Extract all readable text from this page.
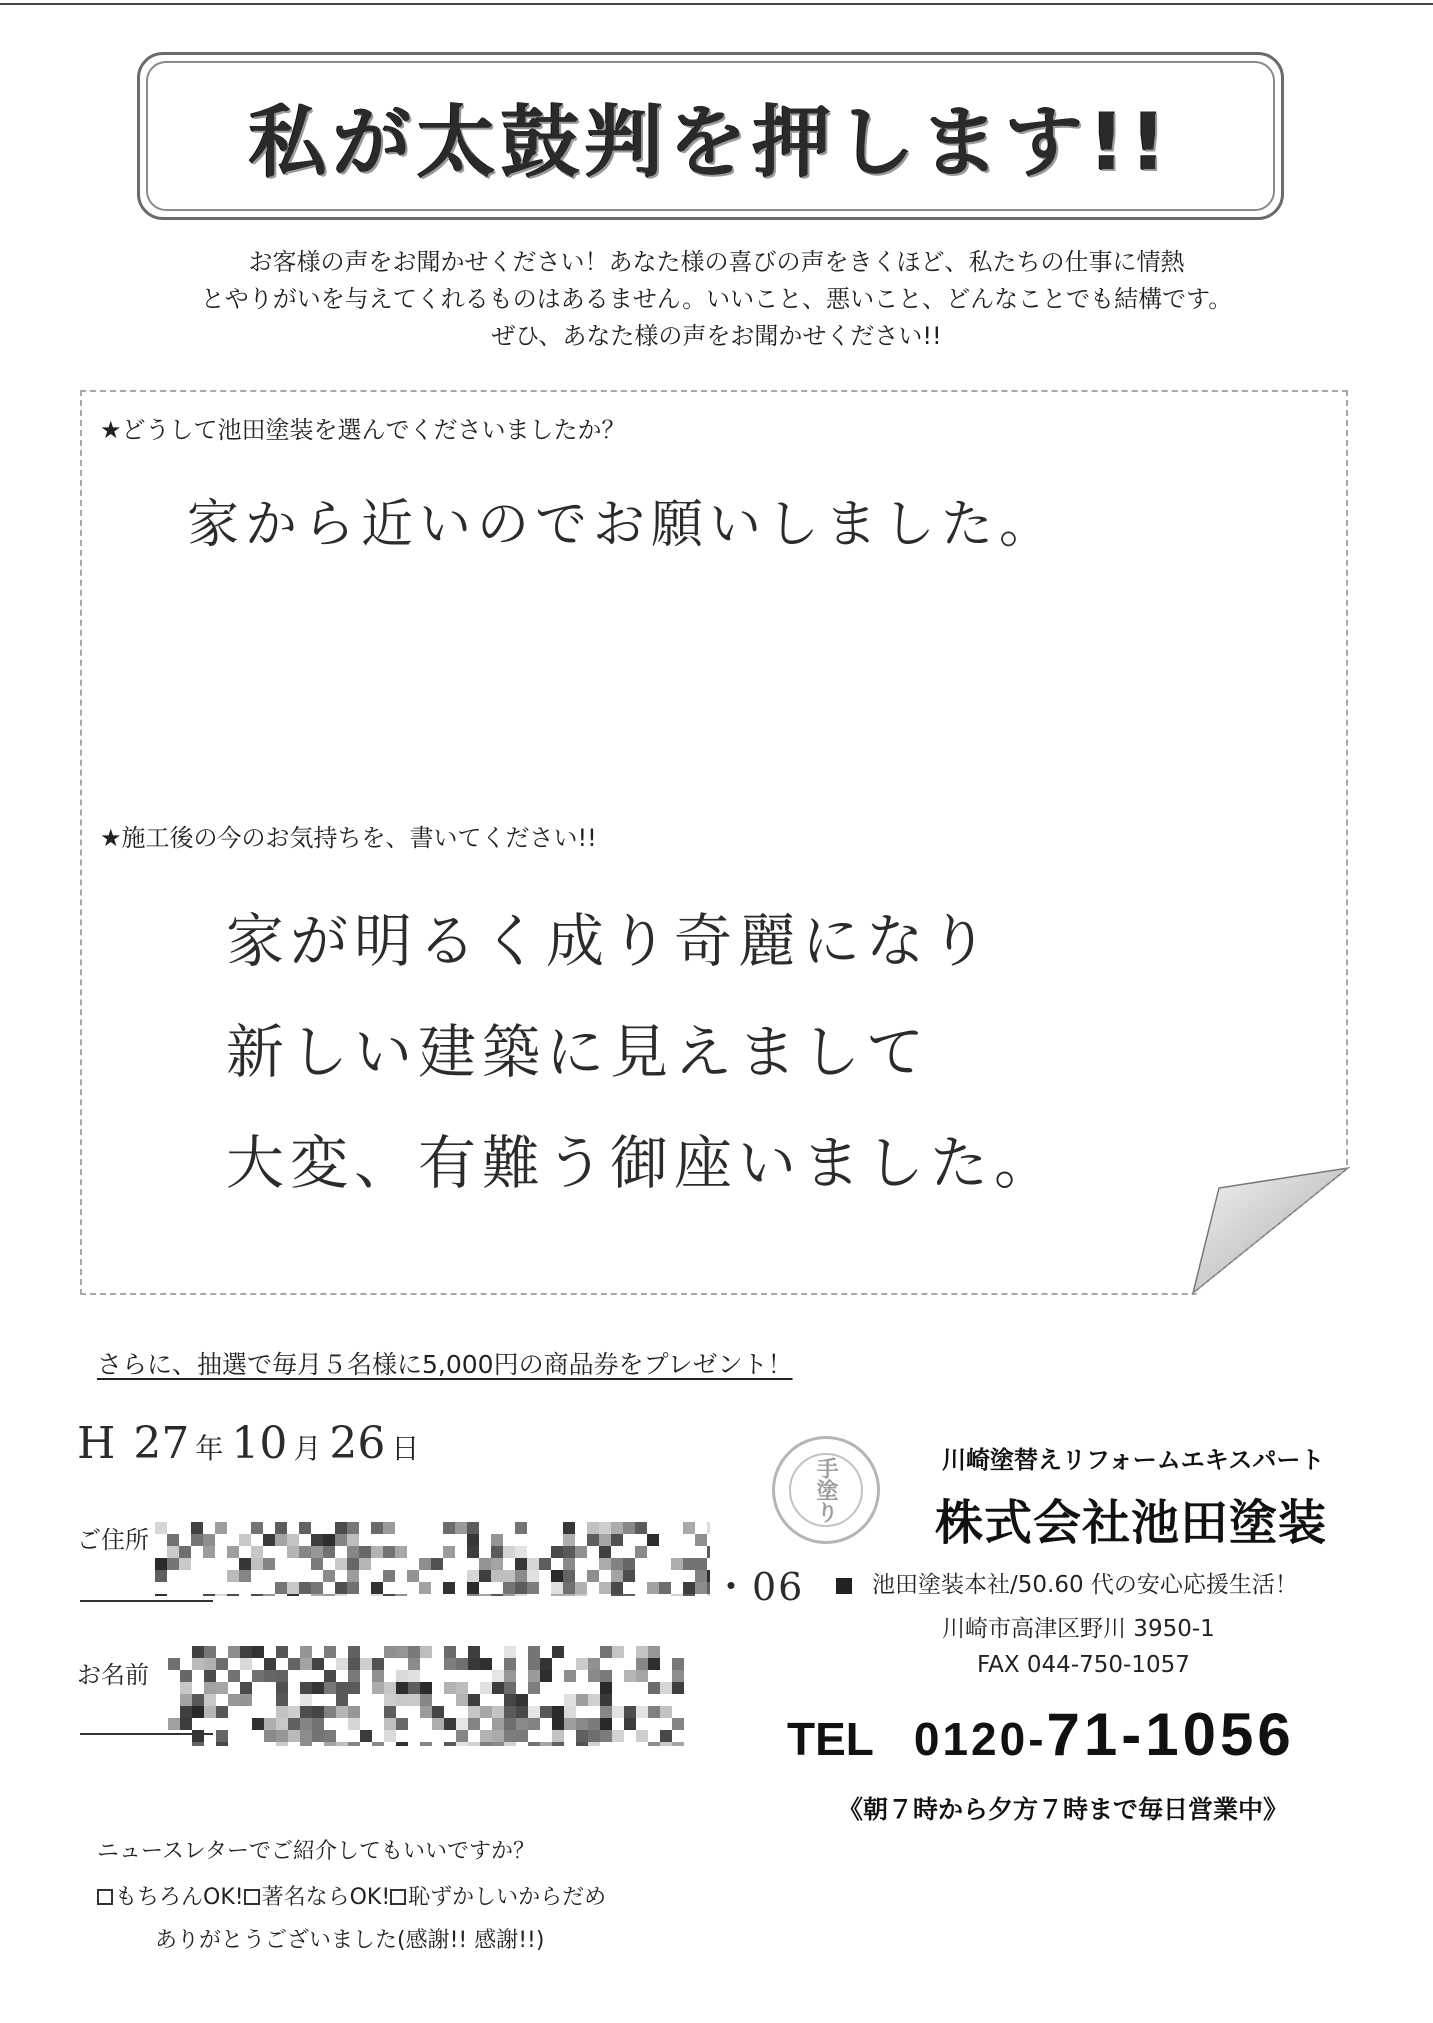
私が太鼓判を押します!!
お客様の声をお聞かせください！あなた様の喜びの声をきくほど、私たちの仕事に情熱
とやりがいを与えてくれるものはあるません。いいこと、悪いこと、どんなことでも結構です。
ぜひ、あなた様の声をお聞かせください!!
★どうして池田塗装を選んでくださいましたか？
家から近いのでお願いしました。
★施工後の今のお気持ちを、書いてください!!
家が明るく成り奇麗になり
新しい建築に見えまして
大変、有難う御座いました。
さらに、抽選で毎月５名様に5,000円の商品券をプレゼント！
H 27 年 10 月 26 日
ご住所
・06
お名前
手塗り	川崎塗替えリフォームエキスパート
株式会社池田塗装
池田塗装本社/50.60 代の安心応援生活！
川崎市高津区野川 3950-1
FAX 044-750-1057
TEL 0120- 71-1056
《朝７時から夕方７時まで毎日営業中》
ニュースレターでご紹介してもいいですか？
もちろんOK! 著名ならOK! 恥ずかしいからだめ
ありがとうございました(感謝!! 感謝!!)
